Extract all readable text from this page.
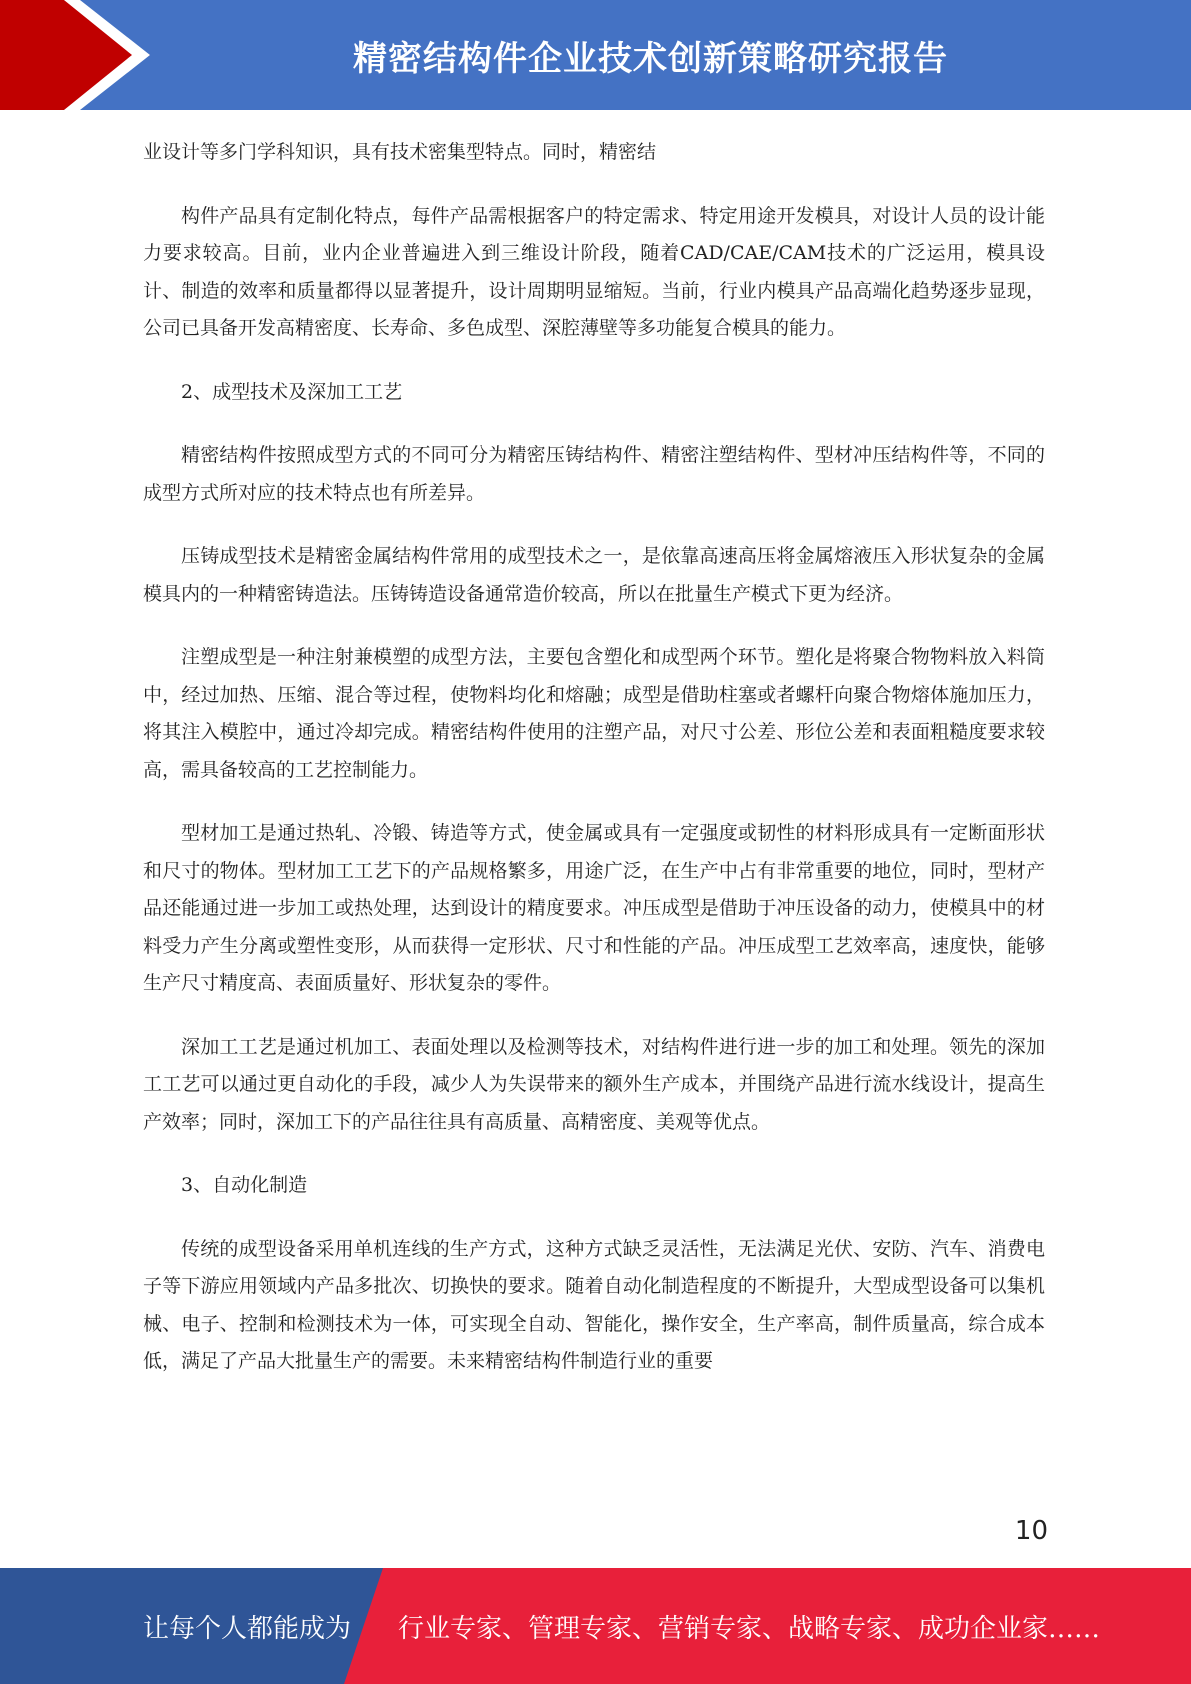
精密结构件企业技术创新策略研究报告

业设计等多门学科知识，具有技术密集型特点。同时，精密结

构件产品具有定制化特点，每件产品需根据客户的特定需求、特定用途开发模具，对设计人员的设计能力要求较高。目前，业内企业普遍进入到三维设计阶段，随着CAD/CAE/CAM技术的广泛运用，模具设计、制造的效率和质量都得以显著提升，设计周期明显缩短。当前，行业内模具产品高端化趋势逐步显现，公司已具备开发高精密度、长寿命、多色成型、深腔薄壁等多功能复合模具的能力。

2、成型技术及深加工工艺

精密结构件按照成型方式的不同可分为精密压铸结构件、精密注塑结构件、型材冲压结构件等，不同的成型方式所对应的技术特点也有所差异。

压铸成型技术是精密金属结构件常用的成型技术之一，是依靠高速高压将金属熔液压入形状复杂的金属模具内的一种精密铸造法。压铸铸造设备通常造价较高，所以在批量生产模式下更为经济。

注塑成型是一种注射兼模塑的成型方法，主要包含塑化和成型两个环节。塑化是将聚合物物料放入料筒中，经过加热、压缩、混合等过程，使物料均化和熔融；成型是借助柱塞或者螺杆向聚合物熔体施加压力，将其注入模腔中，通过冷却完成。精密结构件使用的注塑产品，对尺寸公差、形位公差和表面粗糙度要求较高，需具备较高的工艺控制能力。

型材加工是通过热轧、冷锻、铸造等方式，使金属或具有一定强度或韧性的材料形成具有一定断面形状和尺寸的物体。型材加工工艺下的产品规格繁多，用途广泛，在生产中占有非常重要的地位，同时，型材产品还能通过进一步加工或热处理，达到设计的精度要求。冲压成型是借助于冲压设备的动力，使模具中的材料受力产生分离或塑性变形，从而获得一定形状、尺寸和性能的产品。冲压成型工艺效率高，速度快，能够生产尺寸精度高、表面质量好、形状复杂的零件。

深加工工艺是通过机加工、表面处理以及检测等技术，对结构件进行进一步的加工和处理。领先的深加工工艺可以通过更自动化的手段，减少人为失误带来的额外生产成本，并围绕产品进行流水线设计，提高生产效率；同时，深加工下的产品往往具有高质量、高精密度、美观等优点。

3、自动化制造

传统的成型设备采用单机连线的生产方式，这种方式缺乏灵活性，无法满足光伏、安防、汽车、消费电子等下游应用领域内产品多批次、切换快的要求。随着自动化制造程度的不断提升，大型成型设备可以集机械、电子、控制和检测技术为一体，可实现全自动、智能化，操作安全，生产率高，制件质量高，综合成本低，满足了产品大批量生产的需要。未来精密结构件制造行业的重要

10
让每个人都能成为 行业专家、管理专家、营销专家、战略专家、成功企业家……
